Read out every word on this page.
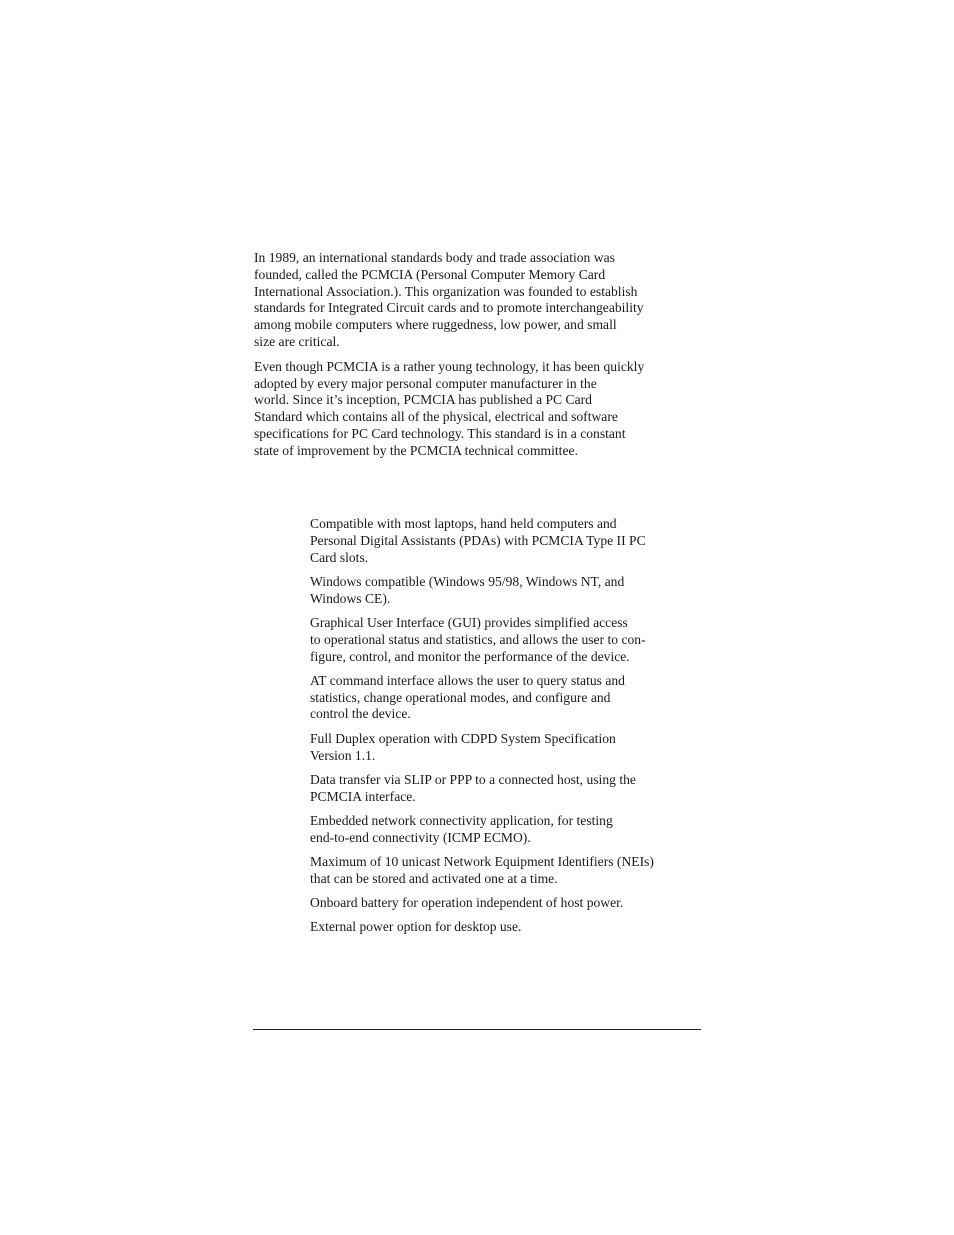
In 1989, an international standards body and trade association was
founded, called the PCMCIA (Personal Computer Memory Card
International Association.). This organization was founded to establish
standards for Integrated Circuit cards and to promote interchangeability
among mobile computers where ruggedness, low power, and small
size are critical.

Even though PCMCIA is a rather young technology, it has been quickly
adopted by every major personal computer manufacturer in the
world. Since it’s inception, PCMCIA has published a PC Card
Standard which contains all of the physical, electrical and software
specifications for PC Card technology. This standard is in a constant
state of improvement by the PCMCIA technical committee.

Compatible with most laptops, hand held computers and
Personal Digital Assistants (PDAs) with PCMCIA Type II PC
Card slots.

Windows compatible (Windows 95/98, Windows NT, and
Windows CE).

Graphical User Interface (GUI) provides simplified access
to operational status and statistics, and allows the user to con-
figure, control, and monitor the performance of the device.

AT command interface allows the user to query status and
statistics, change operational modes, and configure and
control the device.

Full Duplex operation with CDPD System Specification
Version 1.1.

Data transfer via SLIP or PPP to a connected host, using the
PCMCIA interface.

Embedded network connectivity application, for testing
end-to-end connectivity (ICMP ECMO).

Maximum of 10 unicast Network Equipment Identifiers (NEIs)
that can be stored and activated one at a time.

Onboard battery for operation independent of host power.

External power option for desktop use.
